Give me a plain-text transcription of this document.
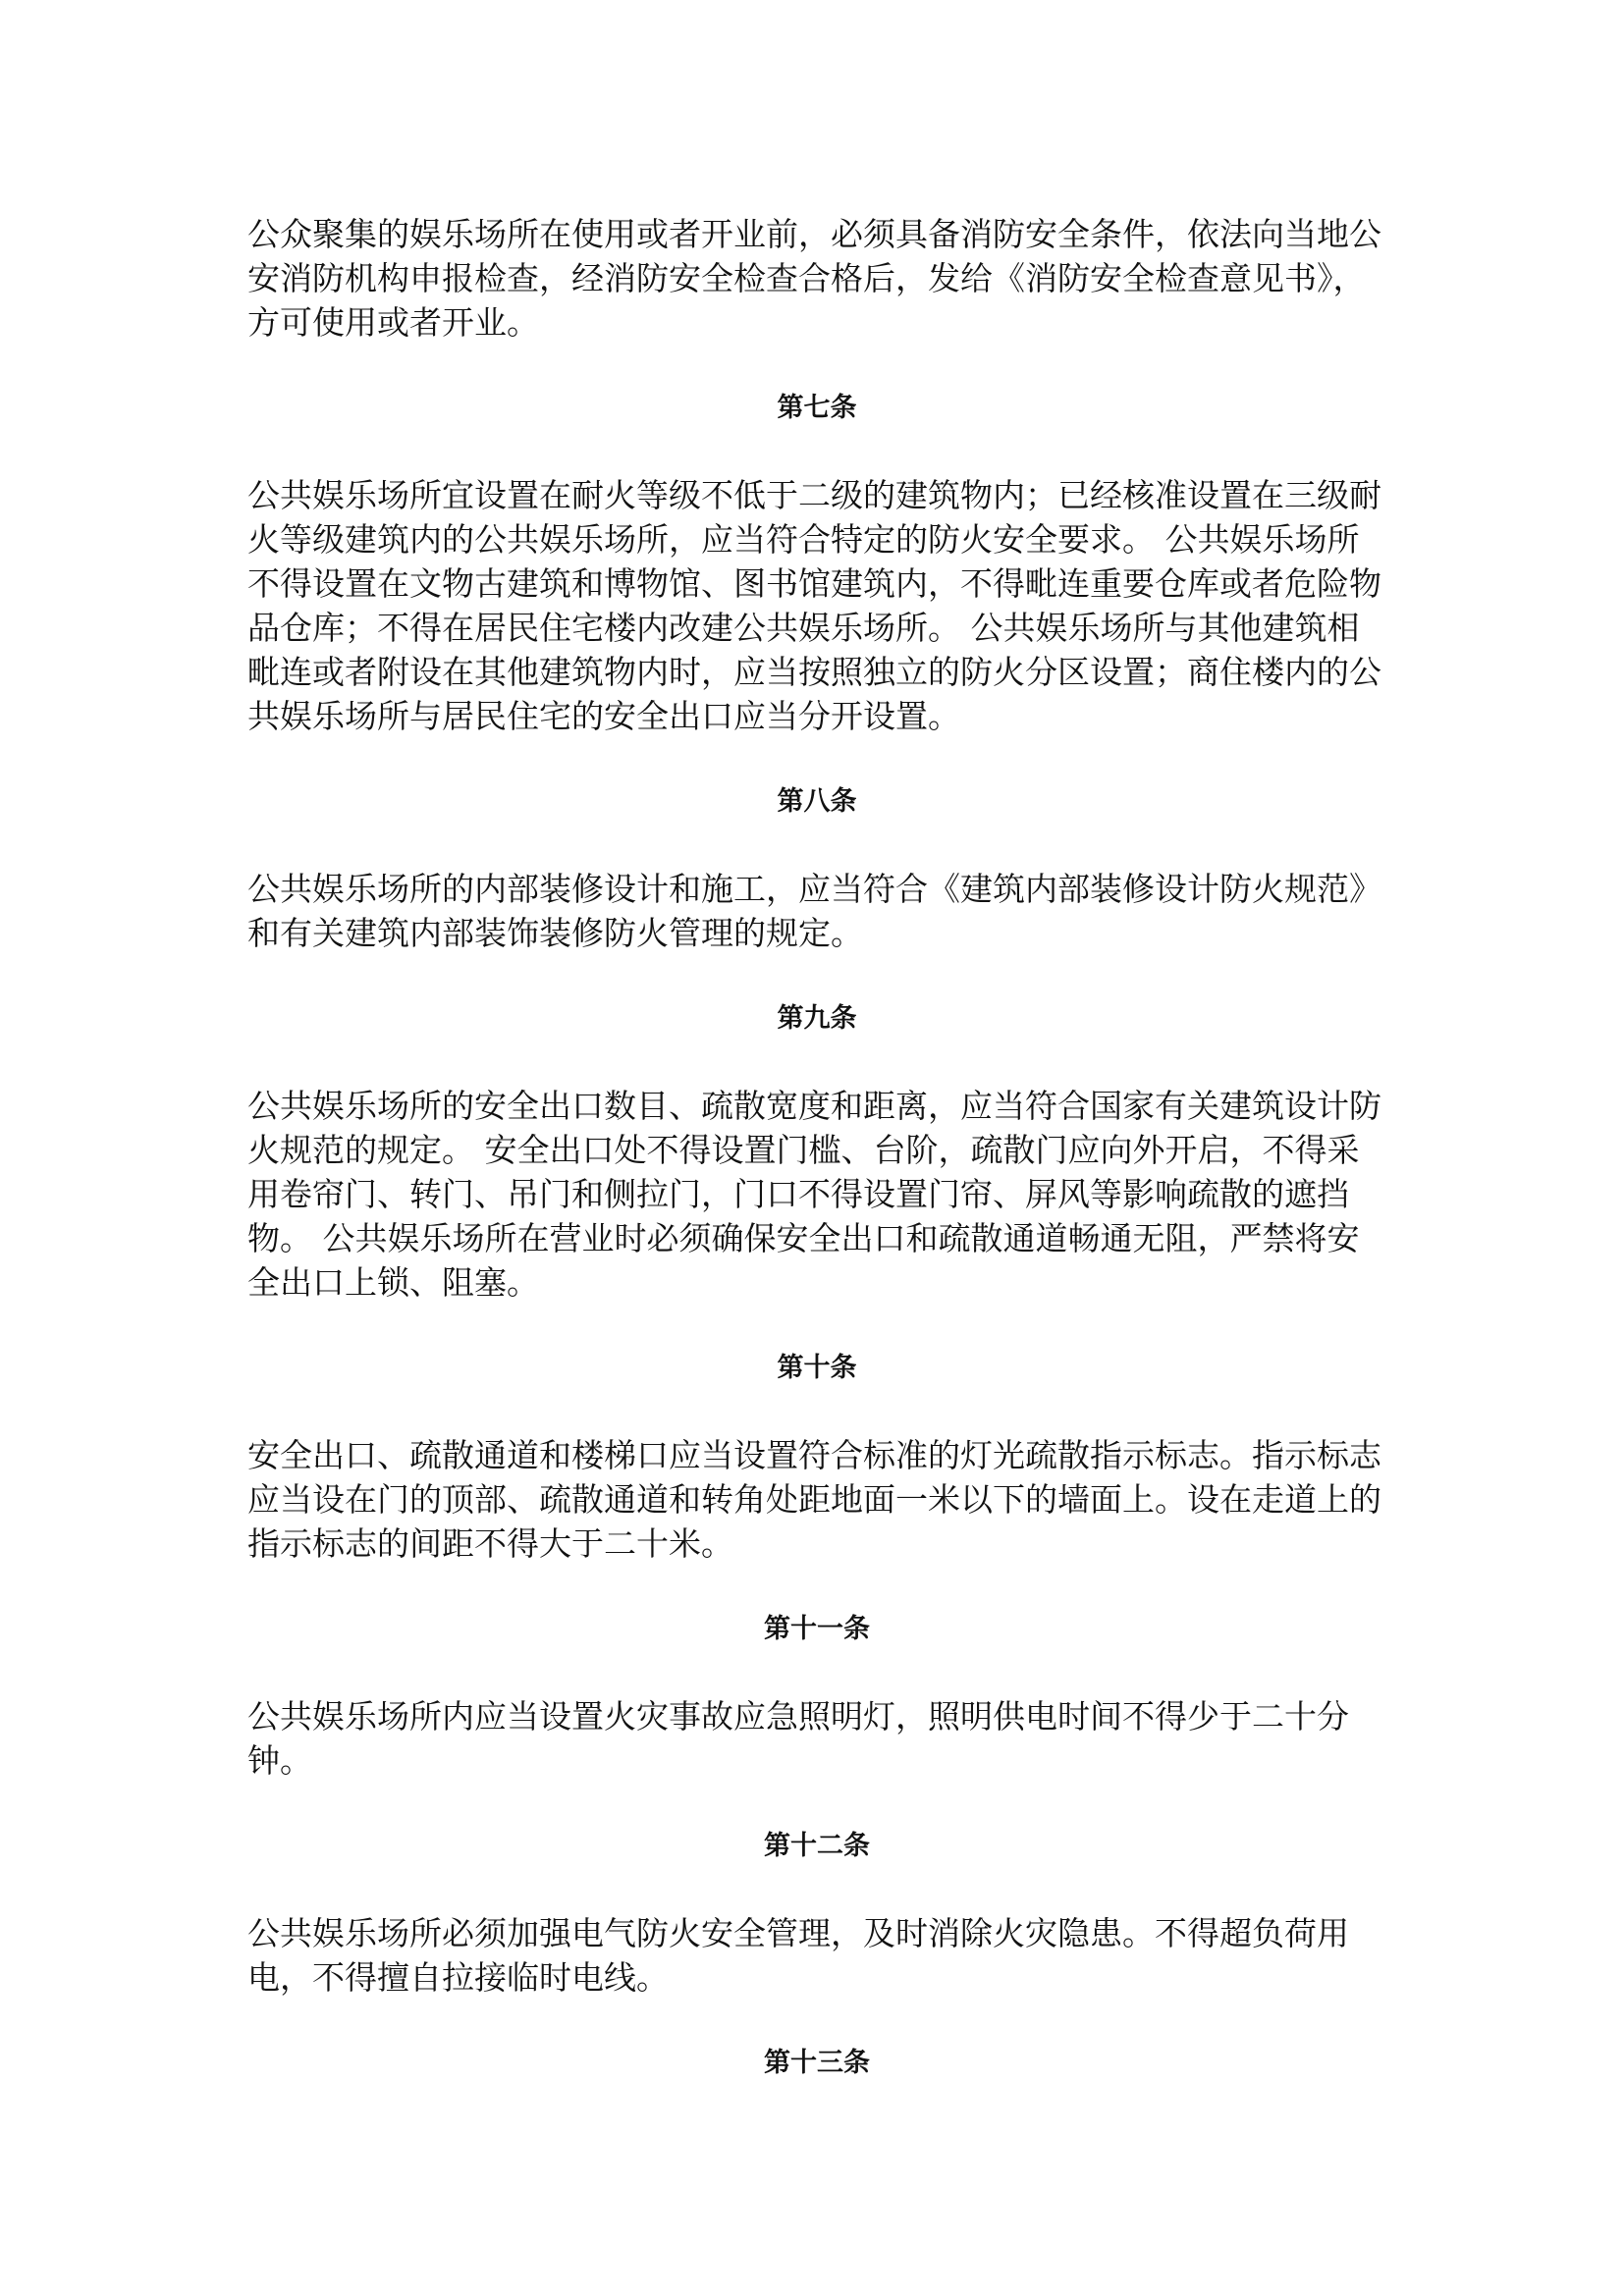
公众聚集的娱乐场所在使用或者开业前，必须具备消防安全条件，依法向当地公安消防机构申报检查，经消防安全检查合格后，发给《消防安全检查意见书》，方可使用或者开业。

第七条

公共娱乐场所宜设置在耐火等级不低于二级的建筑物内；已经核准设置在三级耐火等级建筑内的公共娱乐场所，应当符合特定的防火安全要求。 公共娱乐场所不得设置在文物古建筑和博物馆、图书馆建筑内，不得毗连重要仓库或者危险物品仓库；不得在居民住宅楼内改建公共娱乐场所。 公共娱乐场所与其他建筑相毗连或者附设在其他建筑物内时，应当按照独立的防火分区设置；商住楼内的公共娱乐场所与居民住宅的安全出口应当分开设置。

第八条

公共娱乐场所的内部装修设计和施工，应当符合《建筑内部装修设计防火规范》和有关建筑内部装饰装修防火管理的规定。

第九条

公共娱乐场所的安全出口数目、疏散宽度和距离，应当符合国家有关建筑设计防火规范的规定。 安全出口处不得设置门槛、台阶，疏散门应向外开启，不得采用卷帘门、转门、吊门和侧拉门，门口不得设置门帘、屏风等影响疏散的遮挡物。 公共娱乐场所在营业时必须确保安全出口和疏散通道畅通无阻，严禁将安全出口上锁、阻塞。

第十条

安全出口、疏散通道和楼梯口应当设置符合标准的灯光疏散指示标志。指示标志应当设在门的顶部、疏散通道和转角处距地面一米以下的墙面上。设在走道上的指示标志的间距不得大于二十米。

第十一条

公共娱乐场所内应当设置火灾事故应急照明灯，照明供电时间不得少于二十分钟。

第十二条

公共娱乐场所必须加强电气防火安全管理，及时消除火灾隐患。不得超负荷用电，不得擅自拉接临时电线。

第十三条
